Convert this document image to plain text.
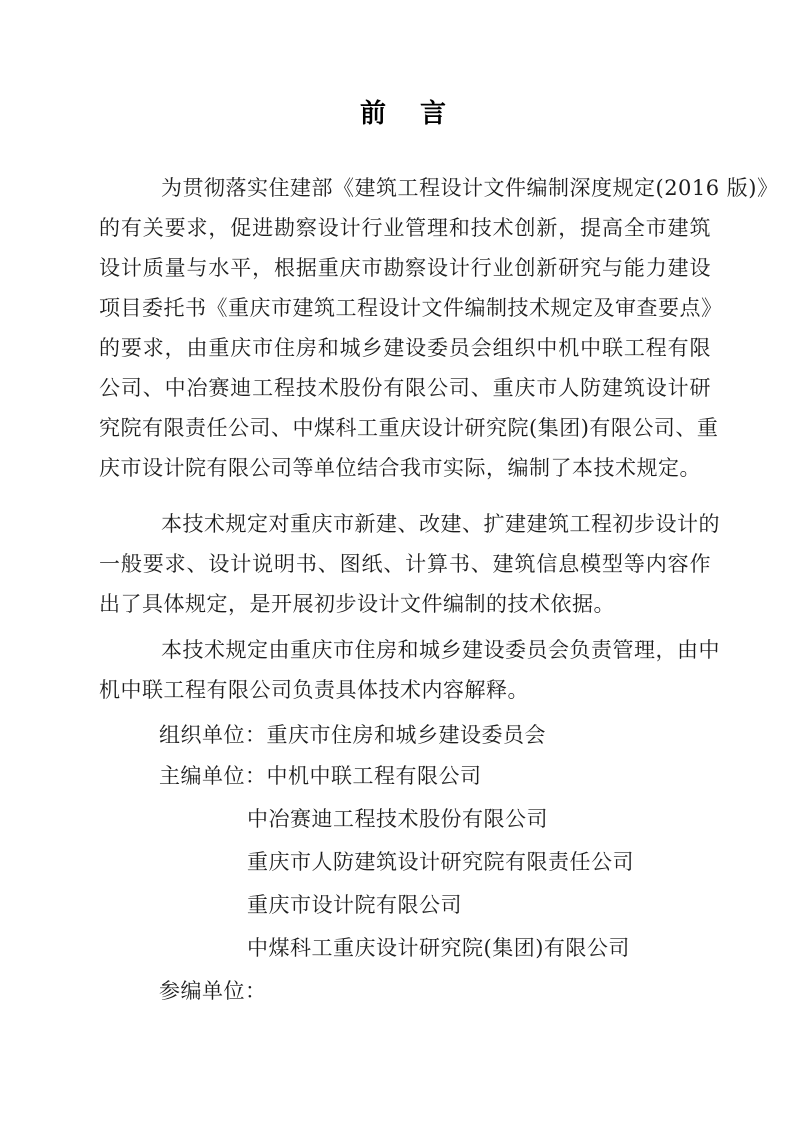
前　言

为贯彻落实住建部《建筑工程设计文件编制深度规定(2016 版)》
的有关要求，促进勘察设计行业管理和技术创新，提高全市建筑
设计质量与水平，根据重庆市勘察设计行业创新研究与能力建设
项目委托书《重庆市建筑工程设计文件编制技术规定及审查要点》
的要求，由重庆市住房和城乡建设委员会组织中机中联工程有限
公司、中冶赛迪工程技术股份有限公司、重庆市人防建筑设计研
究院有限责任公司、中煤科工重庆设计研究院(集团)有限公司、重
庆市设计院有限公司等单位结合我市实际，编制了本技术规定。

本技术规定对重庆市新建、改建、扩建建筑工程初步设计的
一般要求、设计说明书、图纸、计算书、建筑信息模型等内容作
出了具体规定，是开展初步设计文件编制的技术依据。

本技术规定由重庆市住房和城乡建设委员会负责管理，由中
机中联工程有限公司负责具体技术内容解释。

组织单位：重庆市住房和城乡建设委员会
主编单位：中机中联工程有限公司
中冶赛迪工程技术股份有限公司
重庆市人防建筑设计研究院有限责任公司
重庆市设计院有限公司
中煤科工重庆设计研究院(集团)有限公司
参编单位：
